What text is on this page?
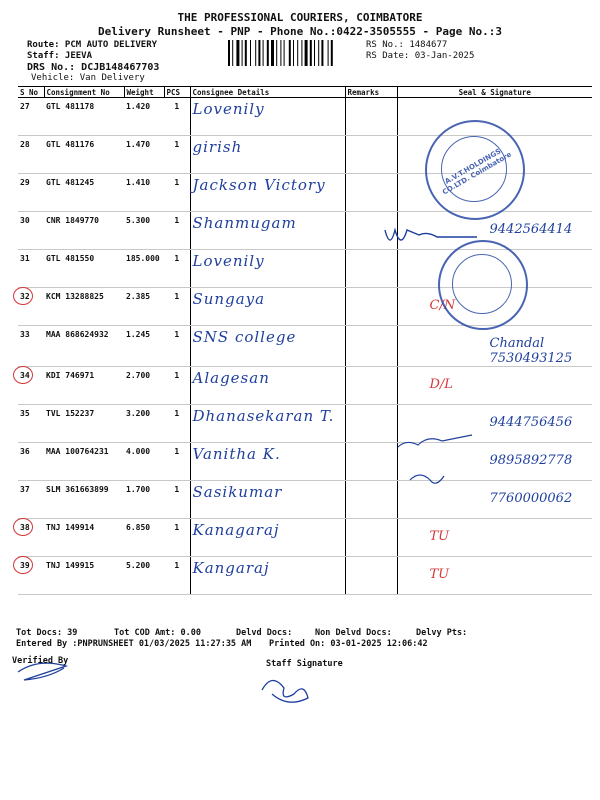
THE PROFESSIONAL COURIERS, COIMBATORE
Delivery Runsheet - PNP - Phone No.:0422-3505555 - Page No.:3
Route: PCM AUTO DELIVERY
Staff: JEEVA
DRS No.: DCJB148467703
Vehicle: Van Delivery
RS No.: 1484677
RS Date: 03-Jan-2025
S No	Consignment No	Weight	PCS	Consignee Details	Remarks	Seal & Signature
27	GTL 481178	1.420	1	Lovenily		

28	GTL 481176	1.470	1	girish		

29	GTL 481245	1.410	1	Jackson Victory		

30	CNR 1849770	5.300	1	Shanmugam		9442564414

31	GTL 481550	185.000	1	Lovenily		

32	KCM 13288825	2.385	1	Sungaya		C/N

33	MAA 868624932	1.245	1	SNS college		Chandal 7530493125

34	KDI 746971	2.700	1	Alagesan		D/L

35	TVL 152237	3.200	1	Dhanasekaran T.		9444756456

36	MAA 100764231	4.000	1	Vanitha K.		9895892778

37	SLM 361663899	1.700	1	Sasikumar		7760000062

38	TNJ 149914	6.850	1	Kanagaraj		TU

39	TNJ 149915	5.200	1	Kangaraj		TU
A.V.T.HOLDINGS CO.LTD. Coimbatore
Tot Docs: 39	Tot COD Amt: 0.00	Delvd Docs:	Non Delvd Docs:	Delvy Pts:
Entered By :PNPRUNSHEET 01/03/2025 11:27:35 AM Printed On: 03-01-2025 12:06:42
Verified By	Staff Signature
